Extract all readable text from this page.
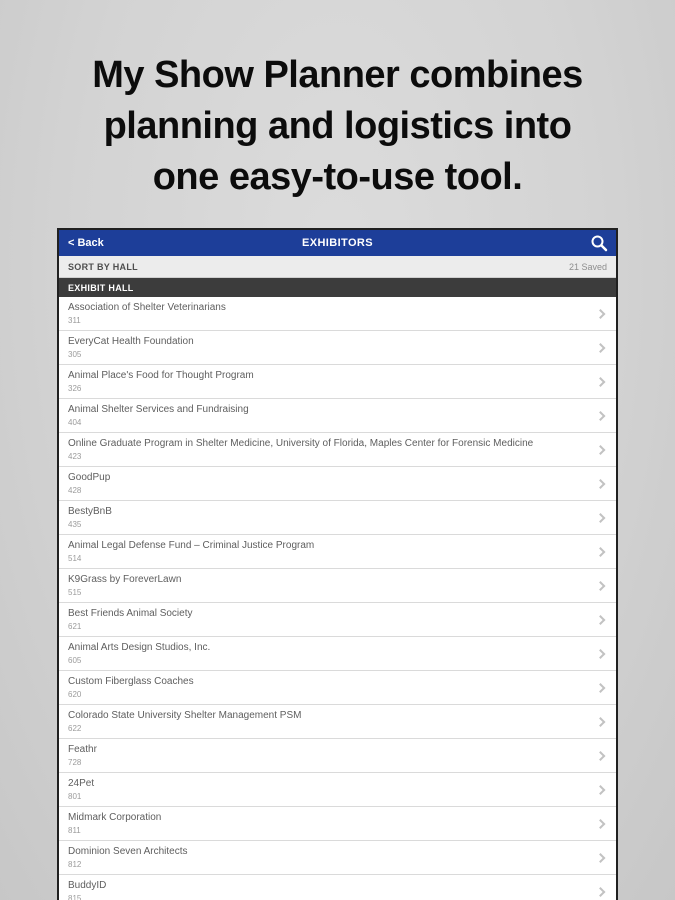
My Show Planner combines
planning and logistics into
one easy-to-use tool.
< Back	EXHIBITORS
SORT BY HALL	21 Saved
EXHIBIT HALL
Association of Shelter Veterinarians
311
EveryCat Health Foundation
305
Animal Place's Food for Thought Program
326
Animal Shelter Services and Fundraising
404
Online Graduate Program in Shelter Medicine, University of Florida, Maples Center for Forensic Medicine
423
GoodPup
428
BestyBnB
435
Animal Legal Defense Fund – Criminal Justice Program
514
K9Grass by ForeverLawn
515
Best Friends Animal Society
621
Animal Arts Design Studios, Inc.
605
Custom Fiberglass Coaches
620
Colorado State University Shelter Management PSM
622
Feathr
728
24Pet
801
Midmark Corporation
811
Dominion Seven Architects
812
BuddyID
815
